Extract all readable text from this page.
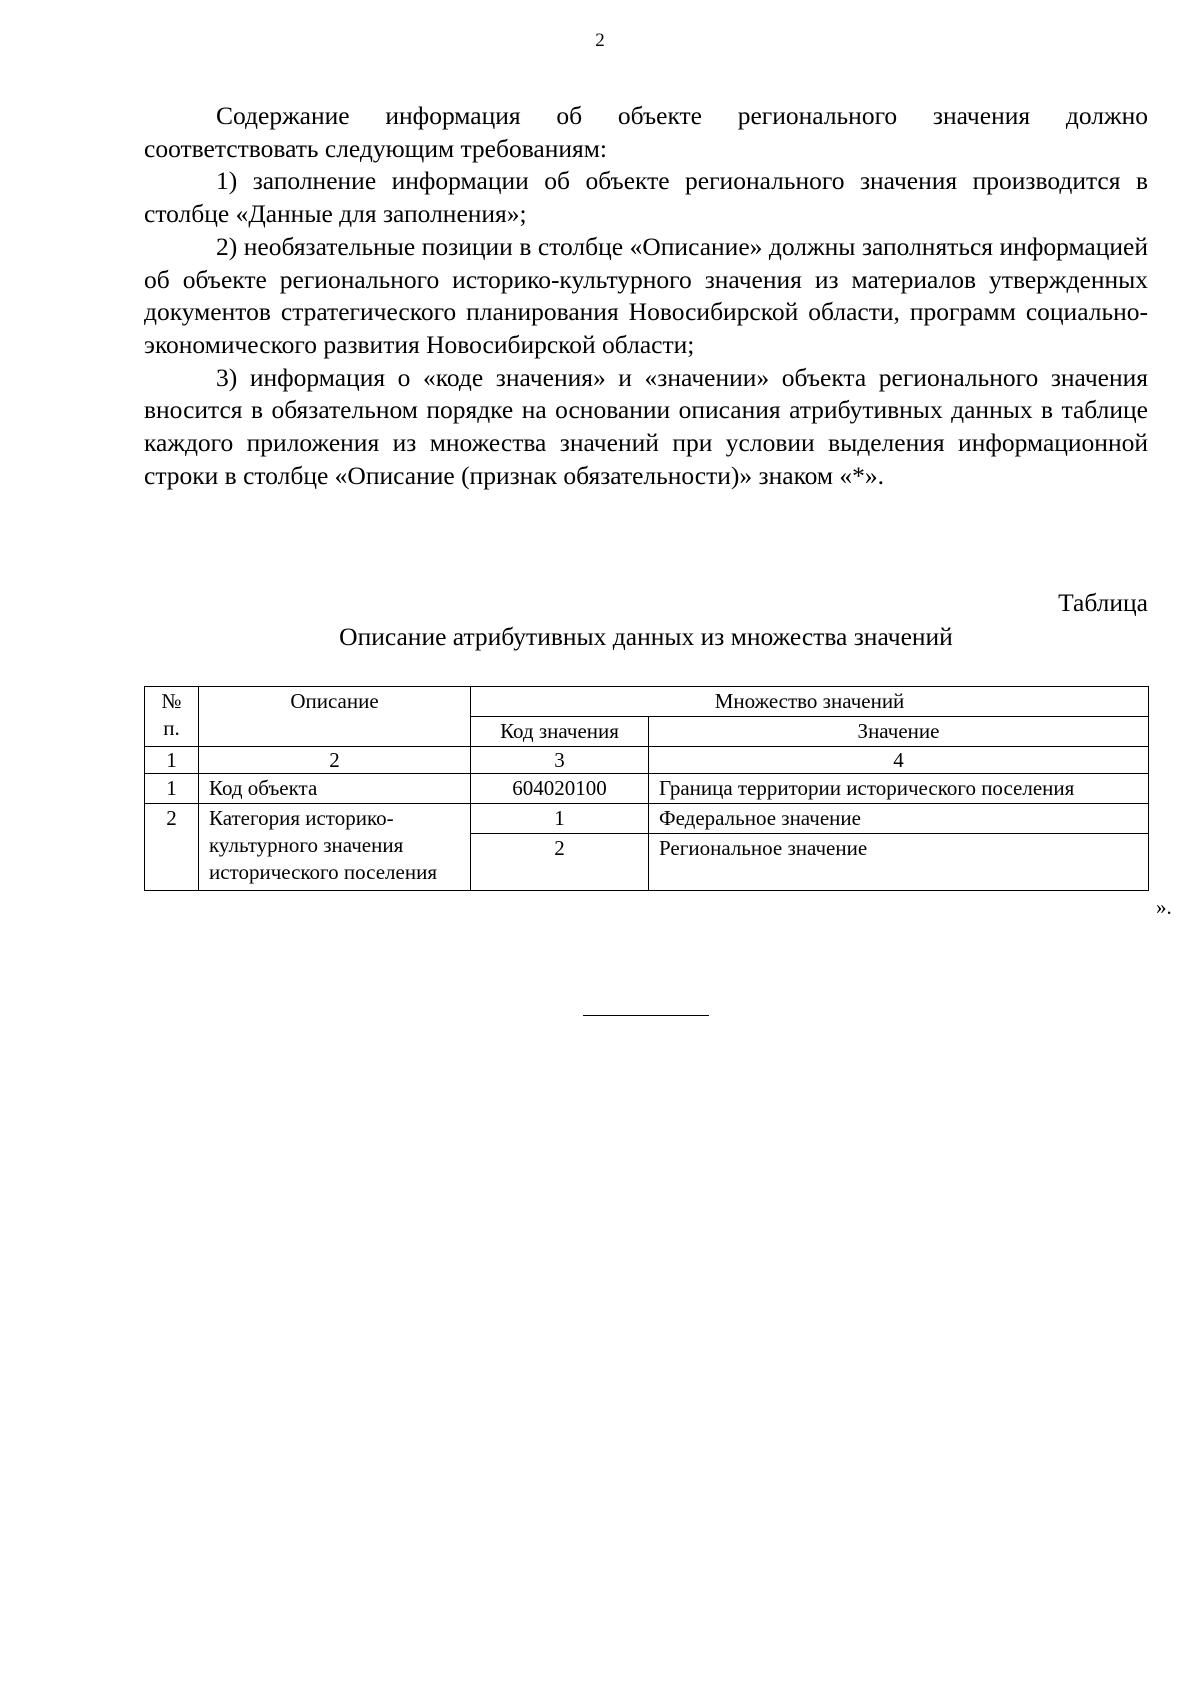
2

Содержание информация об объекте регионального значения должно соответствовать следующим требованиям:

1) заполнение информации об объекте регионального значения производится в столбце «Данные для заполнения»;

2) необязательные позиции в столбце «Описание» должны заполняться информацией об объекте регионального историко-культурного значения из материалов утвержденных документов стратегического планирования Новосибирской области, программ социально-экономического развития Новосибирской области;

3) информация о «коде значения» и «значении» объекта регионального значения вносится в обязательном порядке на основании описания атрибутивных данных в таблице каждого приложения из множества значений при условии выделения информационной строки в столбце «Описание (признак обязательности)» знаком «*».

Таблица
Описание атрибутивных данных из множества значений
№ п.	Описание	Множество значений	
		Код значения	Значение
1	2	3	4
1	Код объекта	604020100	Граница территории исторического поселения
2	Категория историко-культурного значения исторического поселения	1	Федеральное значение
		2	Региональное значение
».
